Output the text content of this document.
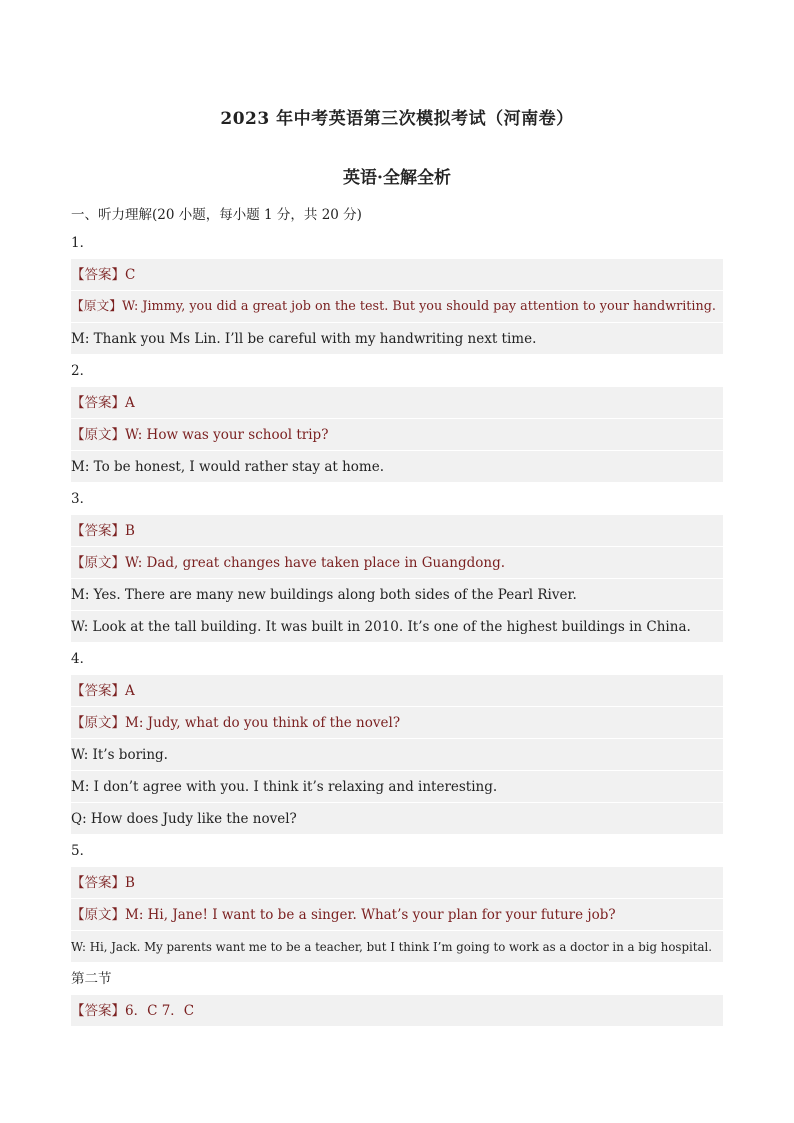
2023 年中考英语第三次模拟考试（河南卷）
英语·全解全析
一、听力理解(20 小题，每小题 1 分，共 20 分)
1．
【答案】C
【原文】W: Jimmy, you did a great job on the test. But you should pay attention to your handwriting.
M: Thank you Ms Lin. I’ll be careful with my handwriting next time.
2．
【答案】A
【原文】W: How was your school trip?
M: To be honest, I would rather stay at home.
3．
【答案】B
【原文】W: Dad, great changes have taken place in Guangdong.
M: Yes. There are many new buildings along both sides of the Pearl River.
W: Look at the tall building. It was built in 2010. It’s one of the highest buildings in China.
4．
【答案】A
【原文】M: Judy, what do you think of the novel?
W: It’s boring.
M: I don’t agree with you. I think it’s relaxing and interesting.
Q: How does Judy like the novel?
5．
【答案】B
【原文】M: Hi, Jane! I want to be a singer. What’s your plan for your future job?
W: Hi, Jack. My parents want me to be a teacher, but I think I’m going to work as a doctor in a big hospital.
第二节
【答案】6．C 7．C
